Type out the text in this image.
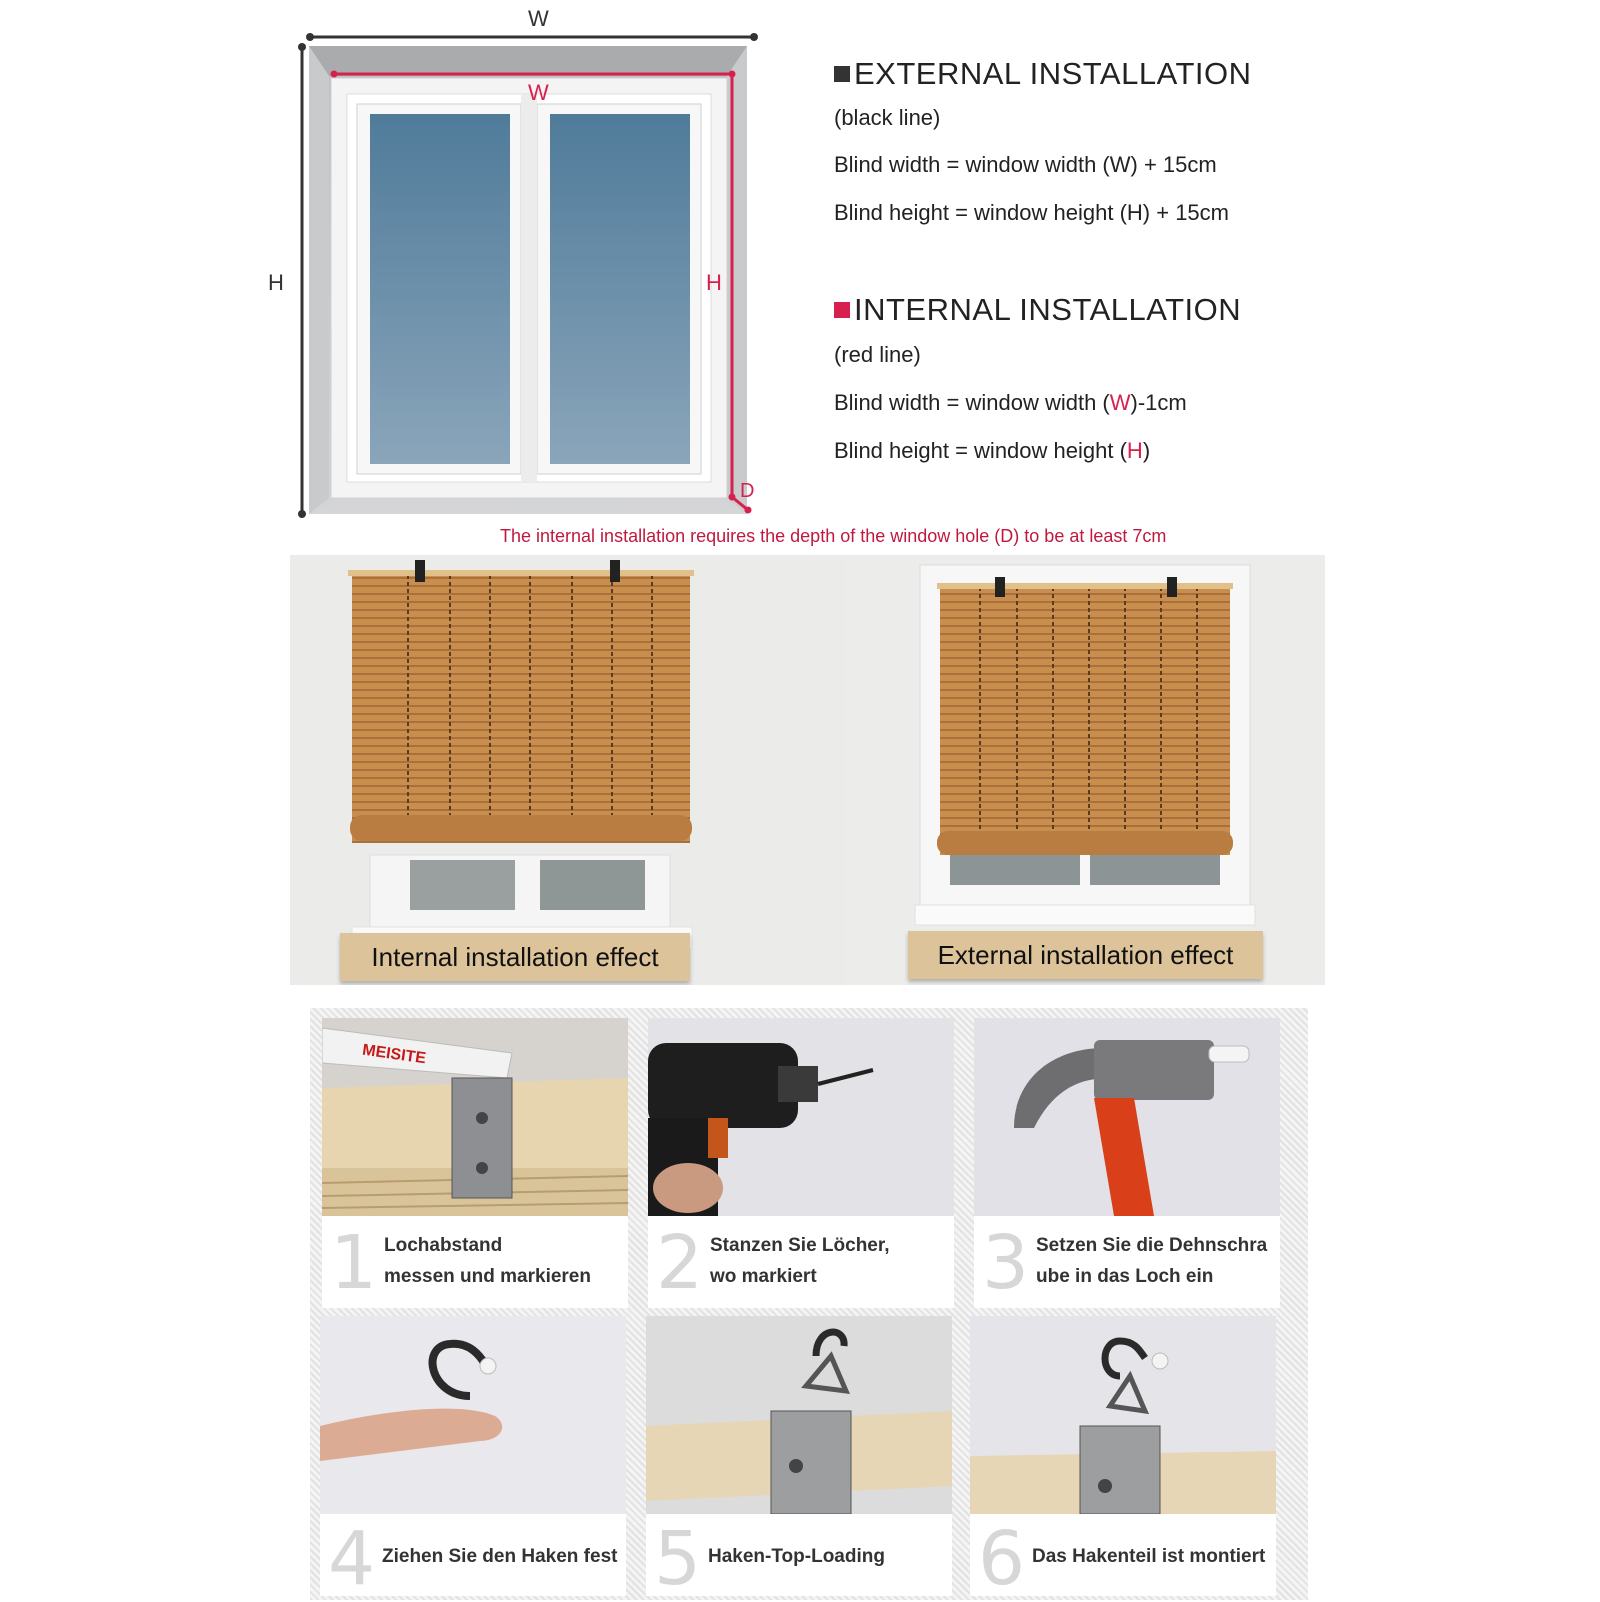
W
W
H	H
D
EXTERNAL INSTALLATION
(black line)
Blind width = window width (W) + 15cm
Blind height = window height (H) + 15cm
INTERNAL INSTALLATION
(red line)
Blind width = window width (W)-1cm
Blind height = window height (H)
The internal installation requires the depth of the window hole (D) to be at least 7cm
Internal installation effect	External installation effect
MEISITE
1 Lochabstand
messen und markieren 2 Stanzen Sie Löcher,
wo markiert 3 Setzen Sie die Dehnschra
ube in das Loch ein
4 Ziehen Sie den Haken fest 5 Haken-Top-Loading 6 Das Hakenteil ist montiert
